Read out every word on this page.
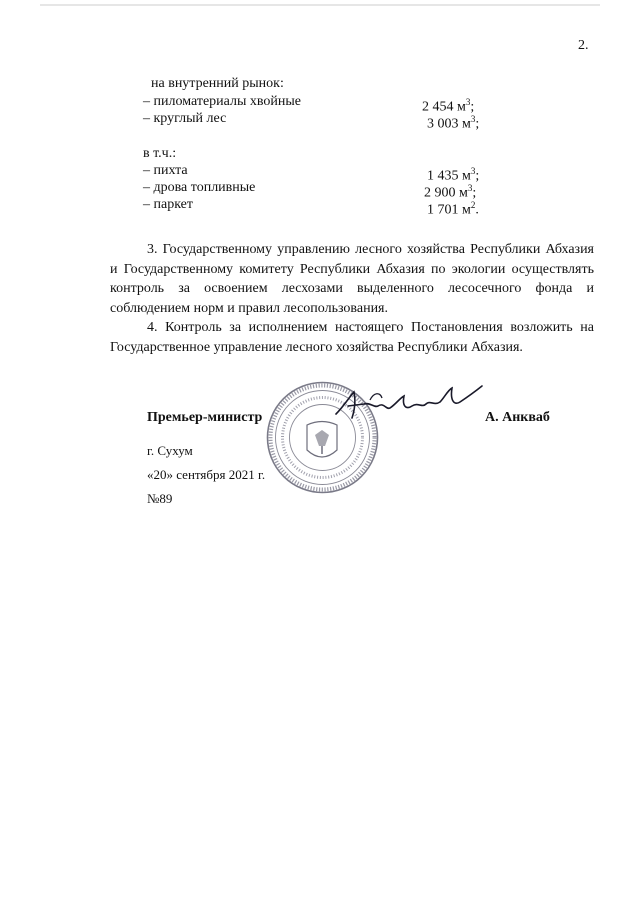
2.
на внутренний рынок:
– пиломатериалы хвойные	2 454 $м^3$;
– круглый лес	3 003 $м^3$;
в т.ч.:
– пихта	1 435 $м^3$;
– дрова топливные	2 900 $м^3$;
– паркет	1 701 $м^2$.

3. Государственному управлению лесного хозяйства Республики Абхазия и Государственному комитету Республики Абхазия по экологии осуществлять контроль за освоением лесхозами выделенного лесосечного фонда и соблюдением норм и правил лесопользования.

4. Контроль за исполнением настоящего Постановления возложить на Государственное управление лесного хозяйства Республики Абхазия.

Премьер-министр	А. Анкваб
г. Сухум
«20» сентября 2021 г.
№89
